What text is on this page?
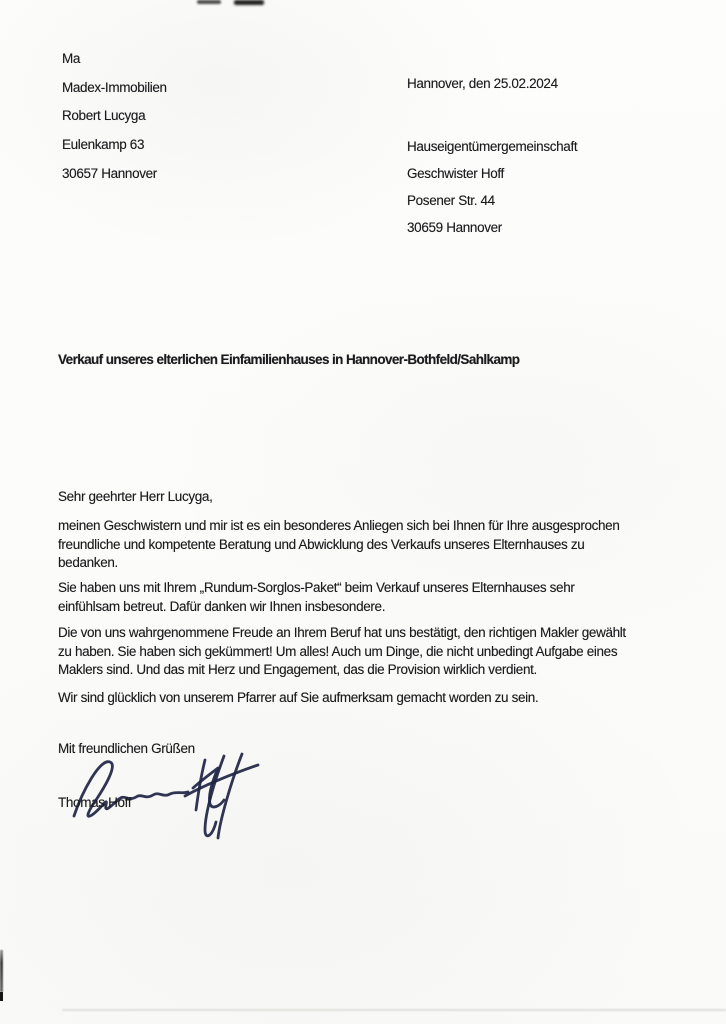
Ma
Madex-Immobilien
Robert Lucyga
Eulenkamp 63
30657 Hannover
Hannover, den 25.02.2024
Hauseigentümergemeinschaft
Geschwister Hoff
Posener Str. 44
30659 Hannover
Verkauf unseres elterlichen Einfamilienhauses in Hannover-Bothfeld/Sahlkamp
Sehr geehrter Herr Lucyga,
meinen Geschwistern und mir ist es ein besonderes Anliegen sich bei Ihnen für Ihre ausgesprochen
freundliche und kompetente Beratung und Abwicklung des Verkaufs unseres Elternhauses zu
bedanken.
Sie haben uns mit Ihrem „Rundum-Sorglos-Paket“ beim Verkauf unseres Elternhauses sehr
einfühlsam betreut. Dafür danken wir Ihnen insbesondere.
Die von uns wahrgenommene Freude an Ihrem Beruf hat uns bestätigt, den richtigen Makler gewählt
zu haben. Sie haben sich gekümmert! Um alles! Auch um Dinge, die nicht unbedingt Aufgabe eines
Maklers sind. Und das mit Herz und Engagement, das die Provision wirklich verdient.
Wir sind glücklich von unserem Pfarrer auf Sie aufmerksam gemacht worden zu sein.
Mit freundlichen Grüßen
Thomas Hoff
